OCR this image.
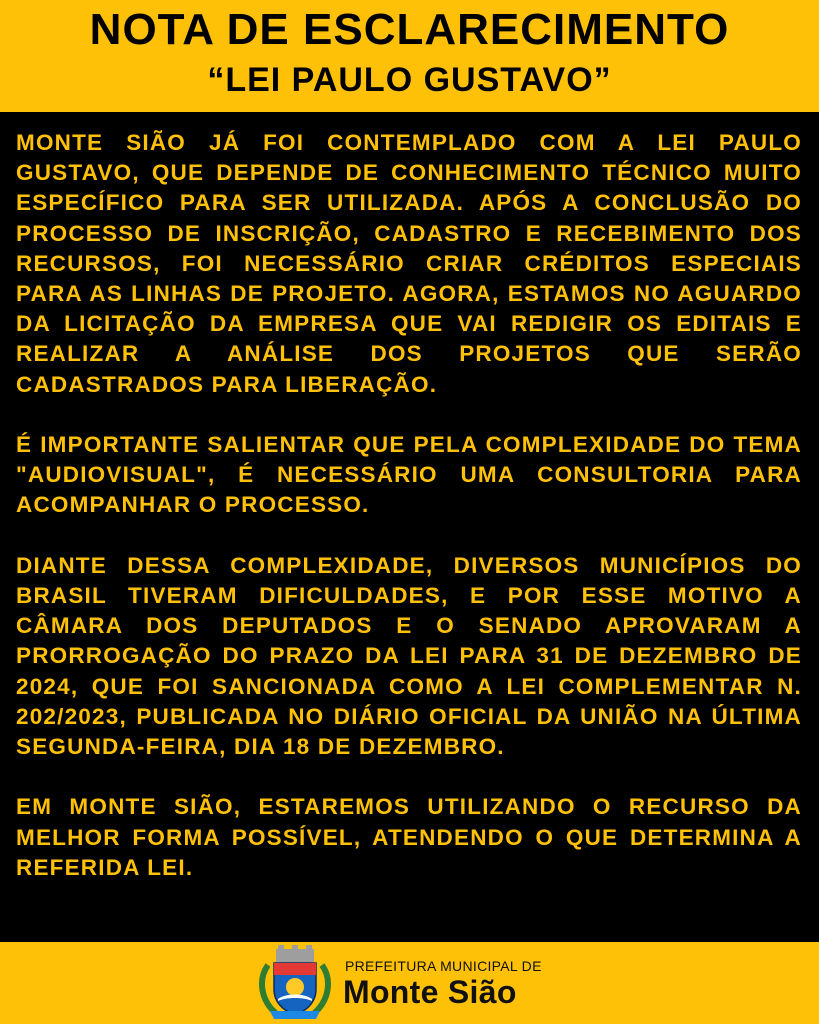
NOTA DE ESCLARECIMENTO
“LEI PAULO GUSTAVO”

MONTE SIÃO JÁ FOI CONTEMPLADO COM A LEI PAULO GUSTAVO, QUE DEPENDE DE CONHECIMENTO TÉCNICO MUITO ESPECÍFICO PARA SER UTILIZADA. APÓS A CONCLUSÃO DO PROCESSO DE INSCRIÇÃO, CADASTRO E RECEBIMENTO DOS RECURSOS, FOI NECESSÁRIO CRIAR CRÉDITOS ESPECIAIS PARA AS LINHAS DE PROJETO. AGORA, ESTAMOS NO AGUARDO DA LICITAÇÃO DA EMPRESA QUE VAI REDIGIR OS EDITAIS E REALIZAR A ANÁLISE DOS PROJETOS QUE SERÃO CADASTRADOS PARA LIBERAÇÃO.

É IMPORTANTE SALIENTAR QUE PELA COMPLEXIDADE DO TEMA "AUDIOVISUAL", É NECESSÁRIO UMA CONSULTORIA PARA ACOMPANHAR O PROCESSO.

DIANTE DESSA COMPLEXIDADE, DIVERSOS MUNICÍPIOS DO BRASIL TIVERAM DIFICULDADES, E POR ESSE MOTIVO A CÂMARA DOS DEPUTADOS E O SENADO APROVARAM A PRORROGAÇÃO DO PRAZO DA LEI PARA 31 DE DEZEMBRO DE 2024, QUE FOI SANCIONADA COMO A LEI COMPLEMENTAR N. 202/2023, PUBLICADA NO DIÁRIO OFICIAL DA UNIÃO NA ÚLTIMA SEGUNDA-FEIRA, DIA 18 DE DEZEMBRO.

EM MONTE SIÃO, ESTAREMOS UTILIZANDO O RECURSO DA MELHOR FORMA POSSÍVEL, ATENDENDO O QUE DETERMINA A REFERIDA LEI.

PREFEITURA MUNICIPAL DE
Monte Sião
